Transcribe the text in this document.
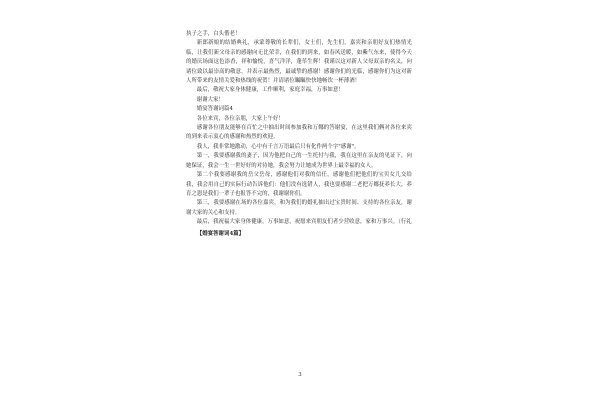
执子之手，白头偕老！

新郎新娘的结婚典礼，承蒙尊敬的长辈们，女士们，先生们，嘉宾和亲朋好友们热情光临，让我们新父母亲的感谢向无比荣幸，在我们的到来，如春风送暖，如紫气东来，使得今天的婚庆场面这色添香，祥和愉悦，喜气洋洋，蓬荜生辉！我谨以这对新人父母双亲的名义，向诸位致以最崇高的敬意，并表示最热烈，最诚挚的感谢！感谢你们的光临，感谢你们为这对新人所带来的友情关爱和热线的祝贺！并请诸位瞩瞩快快地畅饮一杯薄酒！

最后，敬祝大家身体健康，工作顺利，家庭幸福，万事如意！

谢谢大家！

婚宴答谢词篇4

各位来宾，各位亲朋，大家上午好！

感谢各位朋友能够在百忙之中抽出时间参加我和万娜的答谢宴，在这里我们俩对各位来宾的到来表示衷心的感谢和热烈的欢迎。

我人，我非常地激动，心中有千言万语最后只有化作两个字"感谢"。

第一，我要感谢我的妻子，因为他把自己的一生托付与我，我在这里在亲友的见证下，向她保证，我会一生一世好好的对待她，我会努力让她成为世界上最幸福的女人。

第二个我要感谢我的岳父岳母，感谢他们对我的信任，感谢他们把他们的宝贝女儿交给我，我会用自己的实际行动告诉他们：他们没有选错人，我也要感谢二老把万娜抚养长大，养育之恩是我们一辈子也报答不完的，我谢谢你们。

第三，我要感谢在场的各位嘉宾，和为我们的婚礼抽出过宝贵时间、支持的各位亲友，谢谢大家的关心和支持。

最后，我祝福大家身体健康，万事如意，祝愿来宾朋友们者少营收意，家和万事兴。（行礼

【婚宴答谢词4篇】

3
